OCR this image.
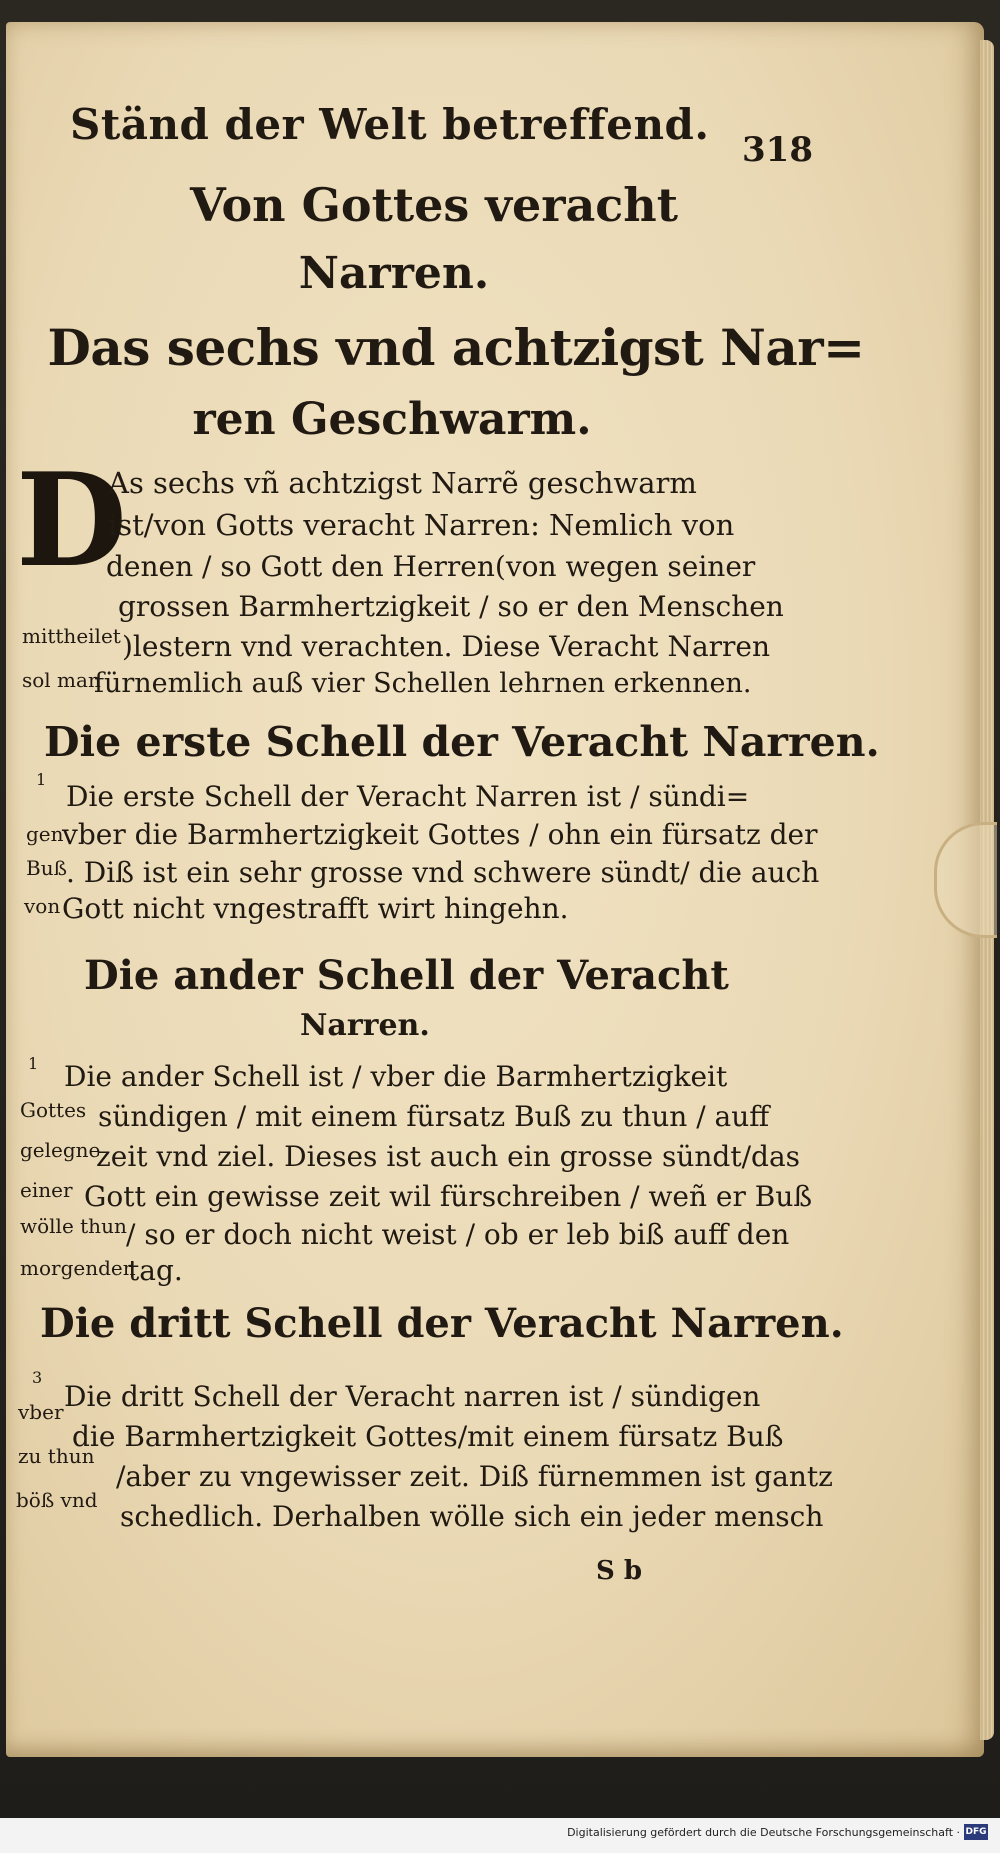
Ständ der Welt betreffend.
318
Von Gottes veracht
Narren.
Das sechs vnd achtzigst Nar=
ren Geschwarm.
D
As sechs vñ achtzigst Narrẽ geschwarm
ist/von Gotts veracht Narren: Nemlich von
denen / so Gott den Herren(von wegen seiner
grossen Barmhertzigkeit / so er den Menschen
mittheilet )lestern vnd verachten. Diese Veracht Narren
sol man
fürnemlich auß vier Schellen lehrnen erkennen.
Die erste Schell der Veracht Narren.
1
Die erste Schell der Veracht Narren ist / sündi=
gen
vber die Barmhertzigkeit Gottes / ohn ein fürsatz der
Buß . Diß ist ein sehr grosse vnd schwere sündt/ die auch
von Gott nicht vngestrafft wirt hingehn.
Die ander Schell der Veracht
Narren.
1 Die ander Schell ist / vber die Barmhertzigkeit
Gottes sündigen / mit einem fürsatz Buß zu thun / auff
gelegne
zeit vnd ziel. Dieses ist auch ein grosse sündt/das
einer Gott ein gewisse zeit wil fürschreiben / weñ er Buß
wölle thun / so er doch nicht weist / ob er leb biß auff den
morgenden
tag.
Die dritt Schell der Veracht Narren.
3
Die dritt Schell der Veracht narren ist / sündigen
vber
die Barmhertzigkeit Gottes/mit einem fürsatz Buß
zu thun
/aber zu vngewisser zeit. Diß fürnemmen ist gantz
böß vnd schedlich. Derhalben wölle sich ein jeder mensch
S b
Digitalisierung gefördert durch die Deutsche Forschungsgemeinschaft · DFG
